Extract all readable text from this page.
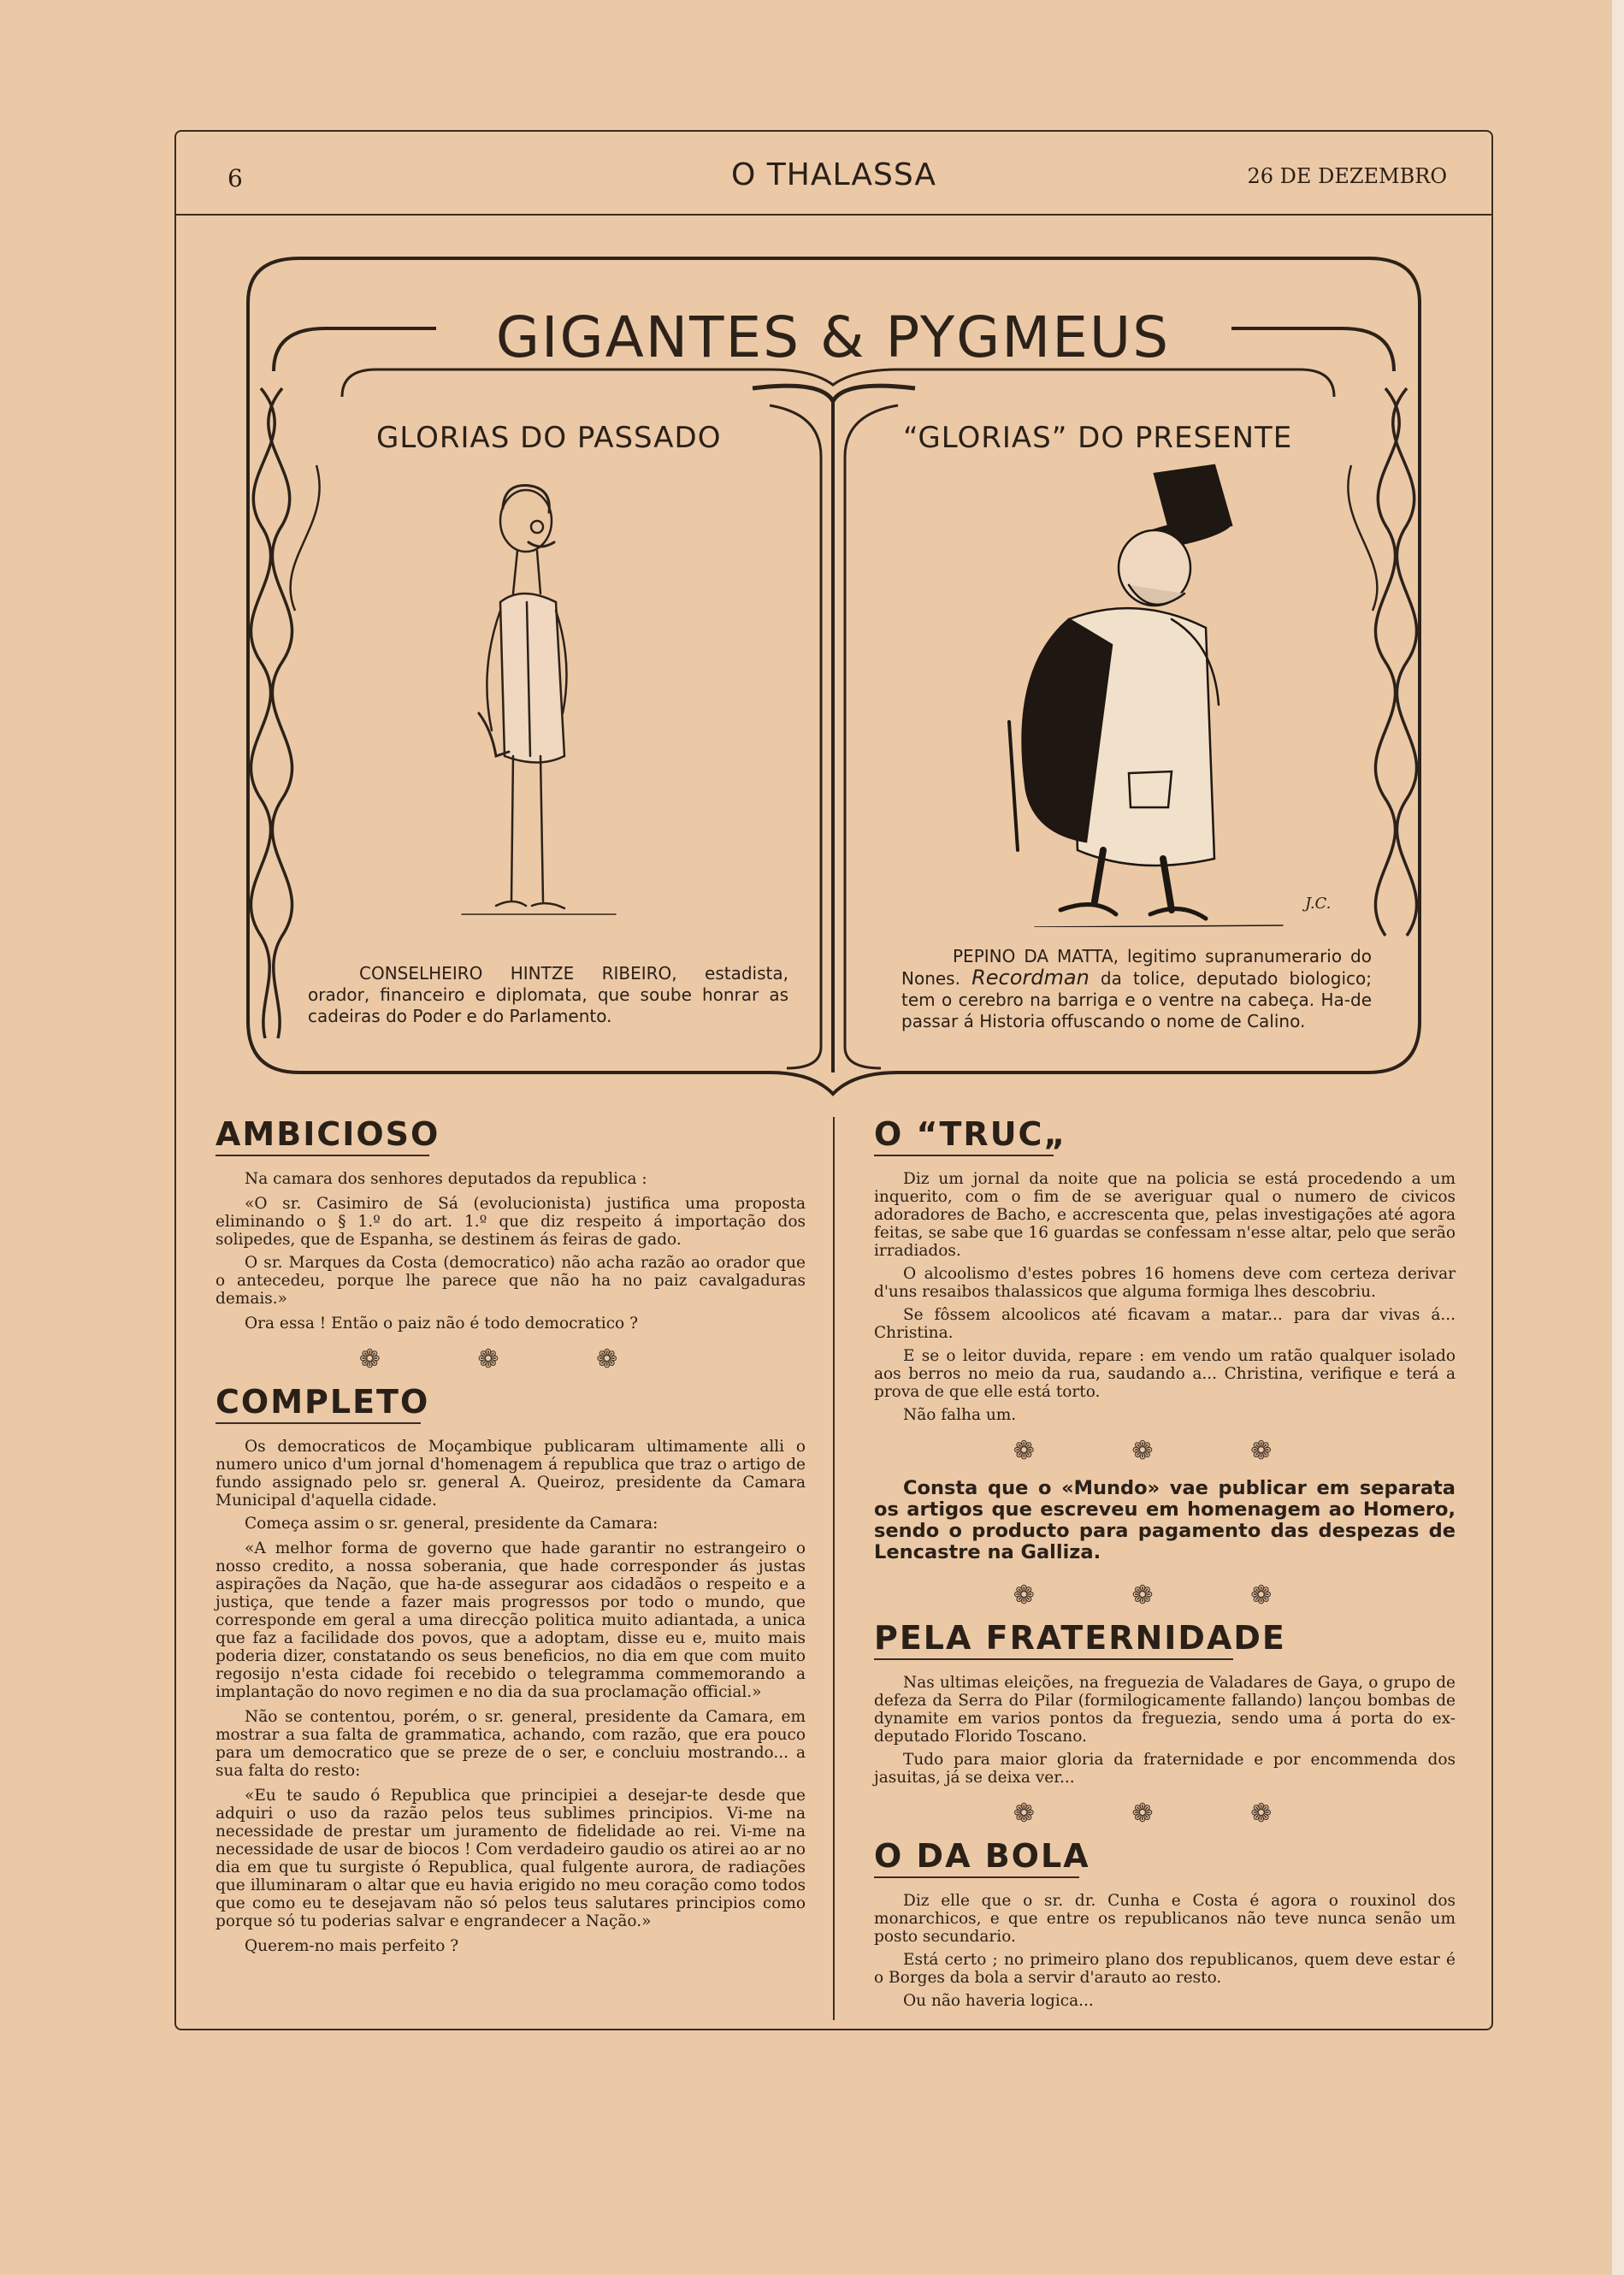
6	O THALASSA	26 DE DEZEMBRO
GIGANTES & PYGMEUS
GLORIAS DO PASSADO	“GLORIAS” DO PRESENTE
J.C.
CONSELHEIRO HINTZE RIBEIRO, estadista, orador, financeiro e diplomata, que soube honrar as cadeiras do Poder e do Parlamento.
PEPINO DA MATTA, legitimo supranumerario do Nones. Recordman da tolice, deputado biologico; tem o cerebro na barriga e o ventre na cabeça. Ha-de passar á Historia offuscando o nome de Calino.
AMBICIOSO

Na camara dos senhores deputados da republica :

«O sr. Casimiro de Sá (evolucionista) justifica uma proposta eliminando o § 1.º do art. 1.º que diz respeito á importação dos solipedes, que de Espanha, se destinem ás feiras de gado.

O sr. Marques da Costa (democratico) não acha razão ao orador que o antecedeu, porque lhe parece que não ha no paiz cavalgaduras demais.»

Ora essa ! Então o paiz não é todo democratico ?

❁ ❁ ❁
COMPLETO

Os democraticos de Moçambique publicaram ultimamente alli o numero unico d'um jornal d'homenagem á republica que traz o artigo de fundo assignado pelo sr. general A. Queiroz, presidente da Camara Municipal d'aquella cidade.

Começa assim o sr. general, presidente da Camara:

«A melhor forma de governo que hade garantir no estrangeiro o nosso credito, a nossa soberania, que hade corresponder ás justas aspirações da Nação, que ha-de assegurar aos cidadãos o respeito e a justiça, que tende a fazer mais progressos por todo o mundo, que corresponde em geral a uma direcção politica muito adiantada, a unica que faz a facilidade dos povos, que a adoptam, disse eu e, muito mais poderia dizer, constatando os seus beneficios, no dia em que com muito regosijo n'esta cidade foi recebido o telegramma commemorando a implantação do novo regimen e no dia da sua proclamação official.»

Não se contentou, porém, o sr. general, presidente da Camara, em mostrar a sua falta de grammatica, achando, com razão, que era pouco para um democratico que se preze de o ser, e concluiu mostrando... a sua falta do resto:

«Eu te saudo ó Republica que principiei a desejar-te desde que adquiri o uso da razão pelos teus sublimes principios. Vi-me na necessidade de prestar um juramento de fidelidade ao rei. Vi-me na necessidade de usar de biocos ! Com verdadeiro gaudio os atirei ao ar no dia em que tu surgiste ó Republica, qual fulgente aurora, de radiações que illuminaram o altar que eu havia erigido no meu coração como todos que como eu te desejavam não só pelos teus salutares principios como porque só tu poderias salvar e engrandecer a Nação.»

Querem-no mais perfeito ?

O “TRUC„

Diz um jornal da noite que na policia se está procedendo a um inquerito, com o fim de se averiguar qual o numero de civicos adoradores de Bacho, e accrescenta que, pelas investigações até agora feitas, se sabe que 16 guardas se confessam n'esse altar, pelo que serão irradiados.

O alcoolismo d'estes pobres 16 homens deve com certeza derivar d'uns resaibos thalassicos que alguma formiga lhes descobriu.

Se fôssem alcoolicos até ficavam a matar... para dar vivas á... Christina.

E se o leitor duvida, repare : em vendo um ratão qualquer isolado aos berros no meio da rua, saudando a... Christina, verifique e terá a prova de que elle está torto.

Não falha um.

❁ ❁ ❁
Consta que o «Mundo» vae publicar em separata os artigos que escreveu em homenagem ao Homero, sendo o producto para pagamento das despezas de Lencastre na Galliza.
❁ ❁ ❁
PELA FRATERNIDADE

Nas ultimas eleições, na freguezia de Valadares de Gaya, o grupo de defeza da Serra do Pilar (formilogicamente fallando) lançou bombas de dynamite em varios pontos da freguezia, sendo uma á porta do ex-deputado Florido Toscano.

Tudo para maior gloria da fraternidade e por encommenda dos jasuitas, já se deixa ver...

❁ ❁ ❁
O DA BOLA

Diz elle que o sr. dr. Cunha e Costa é agora o rouxinol dos monarchicos, e que entre os republicanos não teve nunca senão um posto secundario.

Está certo ; no primeiro plano dos republicanos, quem deve estar é o Borges da bola a servir d'arauto ao resto.

Ou não haveria logica...
